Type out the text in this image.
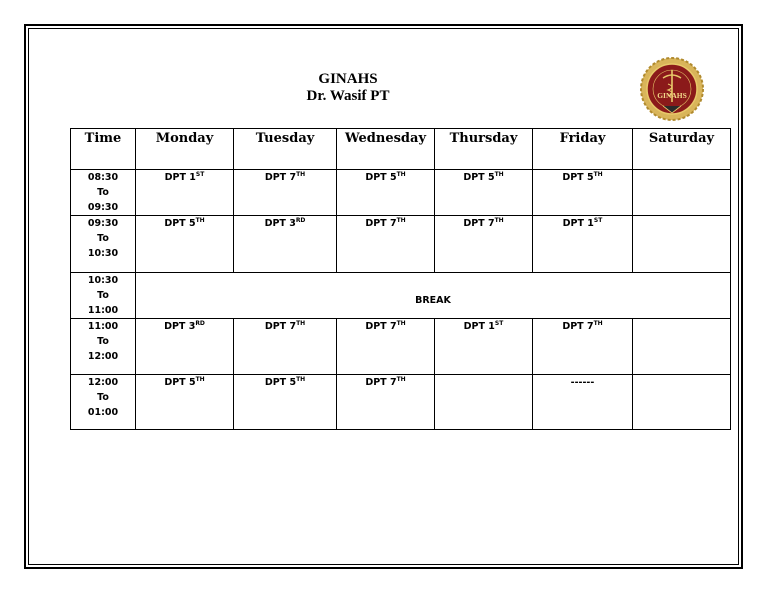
GINAHS
Dr. Wasif PT	GINAHS
Time	Monday	Tuesday	Wednesday	Thursday	Friday	Saturday

08:30
To
09:30	DPT 1ST	DPT 7TH	DPT 5TH	DPT 5TH	DPT 5TH	

09:30
To
10:30	DPT 5TH	DPT 3RD	DPT 7TH	DPT 7TH	DPT 1ST	

10:30
To
11:00	BREAK					

11:00
To
12:00	DPT 3RD	DPT 7TH	DPT 7TH	DPT 1ST	DPT 7TH	

12:00
To
01:00	DPT 5TH	DPT 5TH	DPT 7TH		------	
